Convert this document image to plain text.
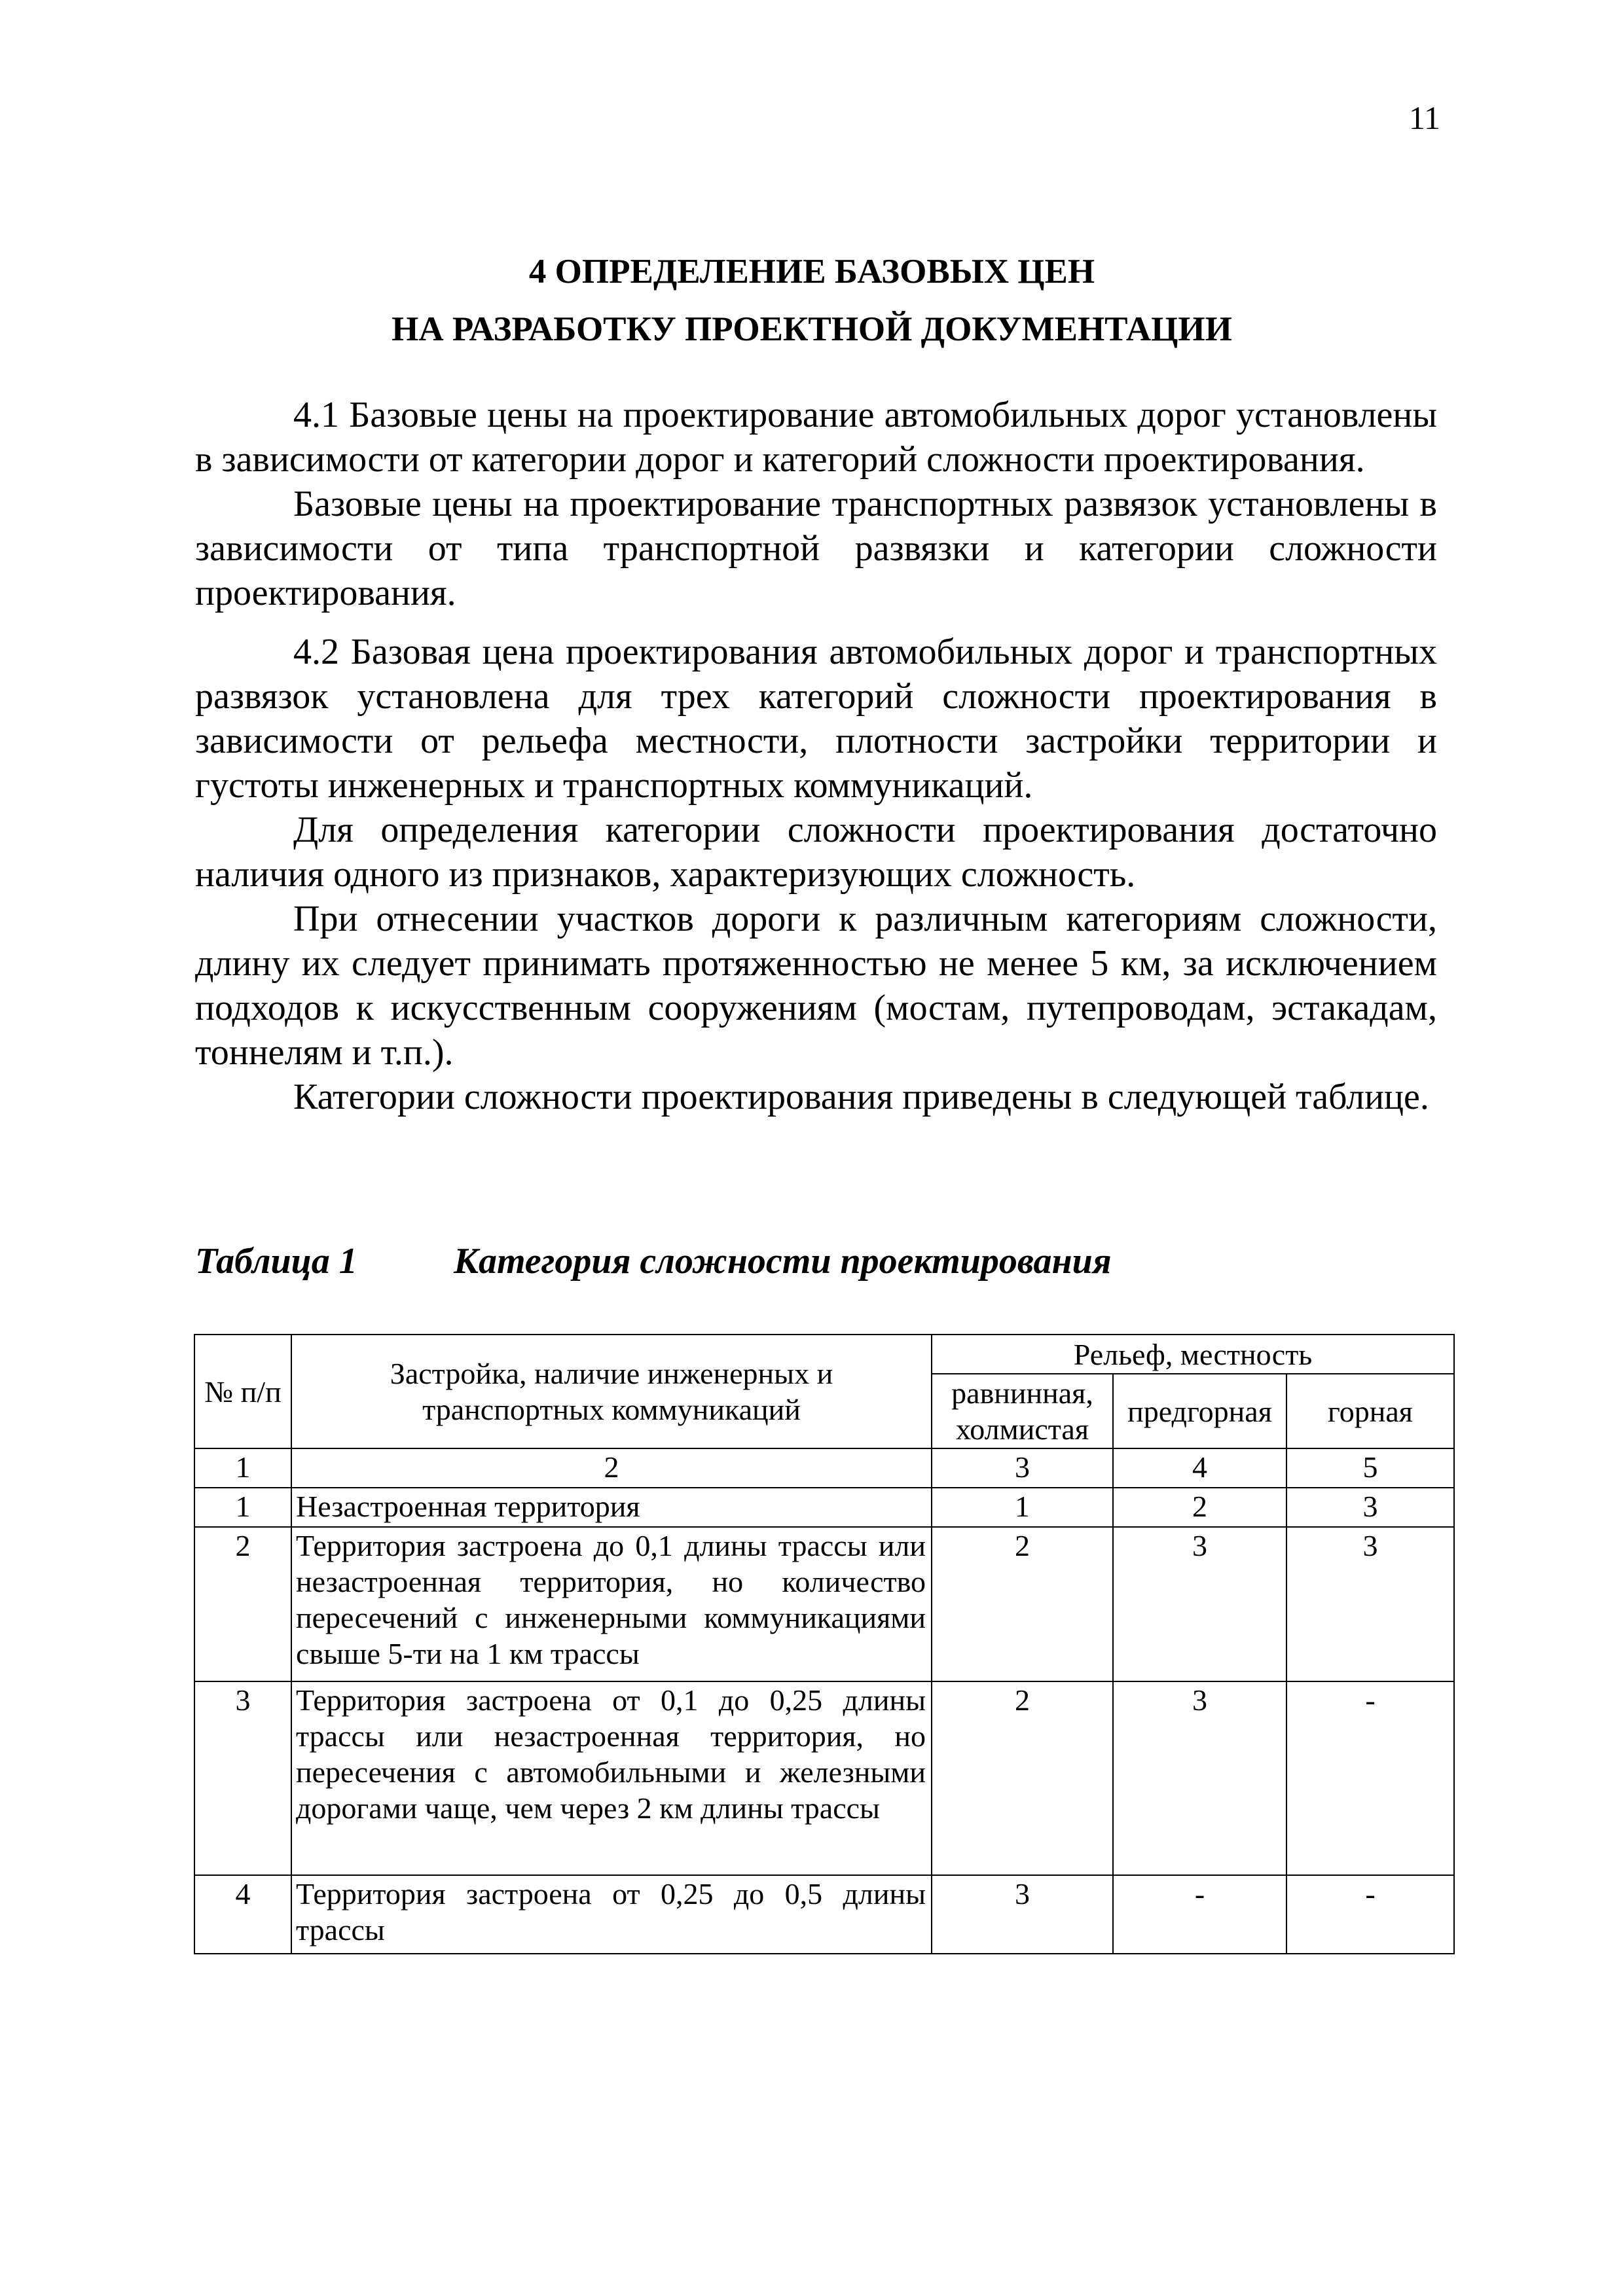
11
4 ОПРЕДЕЛЕНИЕ БАЗОВЫХ ЦЕН
НА РАЗРАБОТКУ ПРОЕКТНОЙ ДОКУМЕНТАЦИИ

4.1 Базовые цены на проектирование автомобильных дорог установлены в зависимости от категории дорог и категорий сложности проектирования.

Базовые цены на проектирование транспортных развязок установлены в зависимости от типа транспортной развязки и категории сложности проектирования.

4.2 Базовая цена проектирования автомобильных дорог и транспортных развязок установлена для трех категорий сложности проектирования в зависимости от рельефа местности, плотности застройки территории и густоты инженерных и транспортных коммуникаций.

Для определения категории сложности проектирования достаточно наличия одного из признаков, характеризующих сложность.

При отнесении участков дороги к различным категориям сложности, длину их следует принимать протяженностью не менее 5 км, за исключением подходов к искусственным сооружениям (мостам, путепроводам, эстакадам, тоннелям и т.п.).

Категории сложности проектирования приведены в следующей таблице.

Таблица 1	Категория сложности проектирования
№ п/п	Застройка, наличие инженерных и транспортных коммуникаций	Рельеф, местность		
		равнинная, холмистая	предгорная	горная
1	2	3	4	5
1	Незастроенная территория	1	2	3
2	Территория застроена до 0,1 длины трассы или незастроенная территория, но количество пересечений с инженерными коммуникациями свыше 5-ти на 1 км трассы	2	3	3
3	Территория застроена от 0,1 до 0,25 длины трассы или незастроенная территория, но пересечения с автомобильными и железными дорогами чаще, чем через 2 км длины трассы	2	3	-
4	Территория застроена от 0,25 до 0,5 длины трассы	3	-	-
